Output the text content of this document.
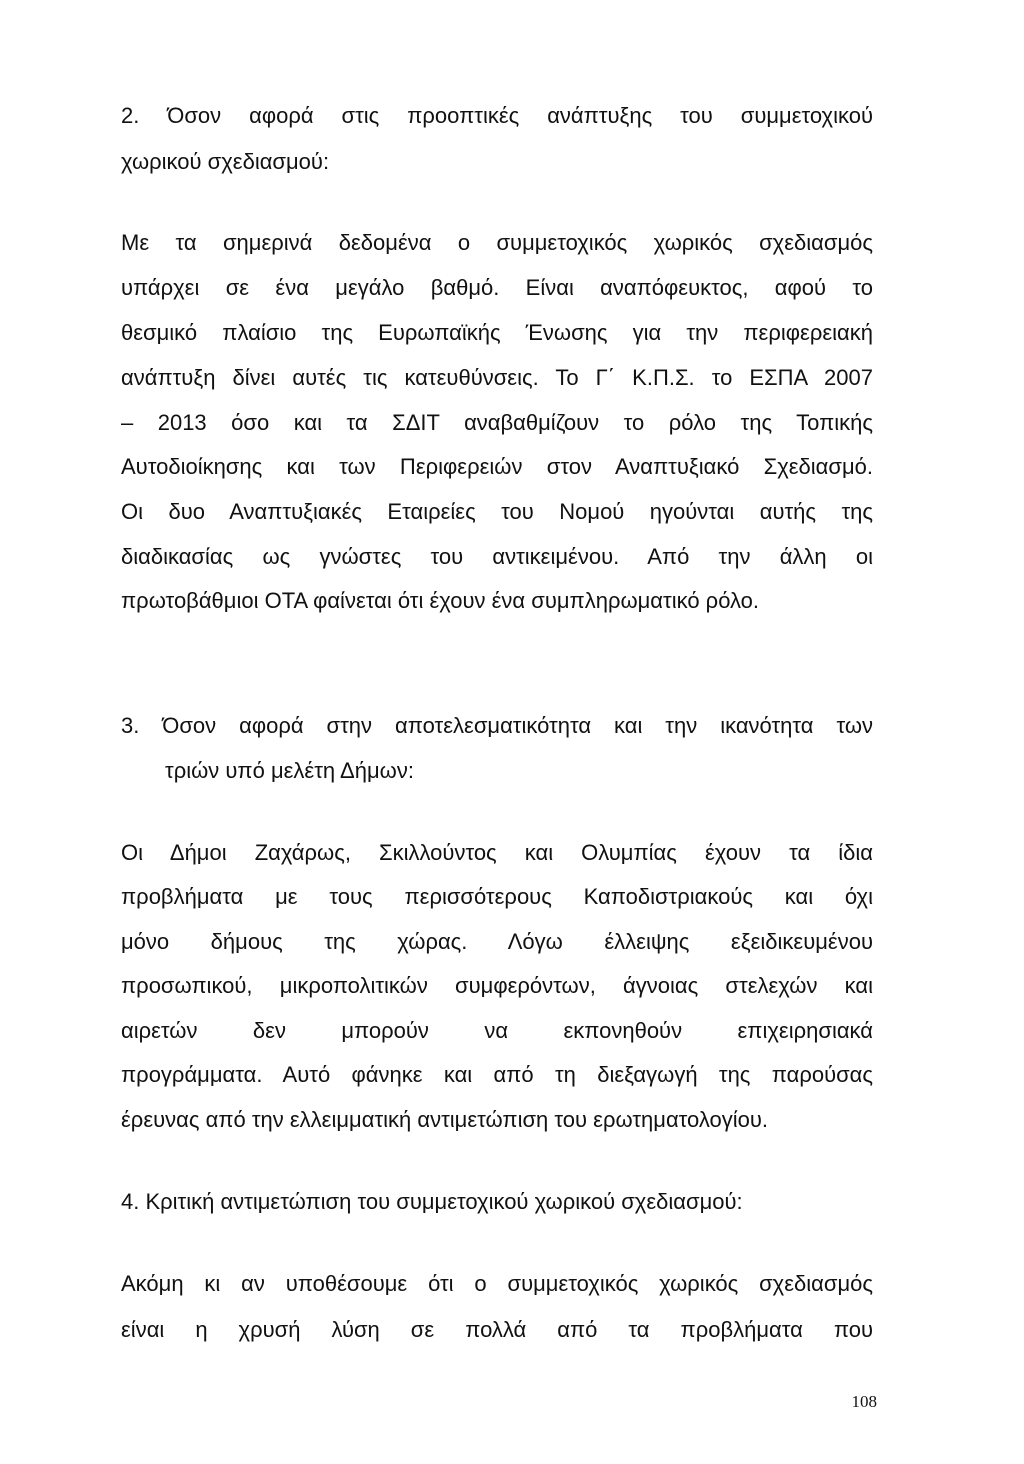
2. Όσον αφορά στις προοπτικές ανάπτυξης του συμμετοχικού

χωρικού σχεδιασμού:

Με τα σημερινά δεδομένα ο συμμετοχικός χωρικός σχεδιασμός

υπάρχει σε ένα μεγάλο βαθμό. Είναι αναπόφευκτος, αφού το

θεσμικό πλαίσιο της Ευρωπαϊκής Ένωσης για την περιφερειακή

ανάπτυξη δίνει αυτές τις κατευθύνσεις. Το Γ΄ Κ.Π.Σ. το ΕΣΠΑ 2007

– 2013 όσο και τα ΣΔΙΤ αναβαθμίζουν το ρόλο της Τοπικής

Αυτοδιοίκησης και των Περιφερειών στον Αναπτυξιακό Σχεδιασμό.

Οι δυο Αναπτυξιακές Εταιρείες του Νομού ηγούνται αυτής της

διαδικασίας ως γνώστες του αντικειμένου. Από την άλλη οι

πρωτοβάθμιοι ΟΤΑ φαίνεται ότι έχουν ένα συμπληρωματικό ρόλο.

3. Όσον αφορά στην αποτελεσματικότητα και την ικανότητα των

τριών υπό μελέτη Δήμων:

Οι Δήμοι Ζαχάρως, Σκιλλούντος και Ολυμπίας έχουν τα ίδια

προβλήματα με τους περισσότερους Καποδιστριακούς και όχι

μόνο δήμους της χώρας. Λόγω έλλειψης εξειδικευμένου

προσωπικού, μικροπολιτικών συμφερόντων, άγνοιας στελεχών και

αιρετών δεν μπορούν να εκπονηθούν επιχειρησιακά

προγράμματα. Αυτό φάνηκε και από τη διεξαγωγή της παρούσας

έρευνας από την ελλειμματική αντιμετώπιση του ερωτηματολογίου.

4. Κριτική αντιμετώπιση του συμμετοχικού χωρικού σχεδιασμού:

Ακόμη κι αν υποθέσουμε ότι ο συμμετοχικός χωρικός σχεδιασμός

είναι η χρυσή λύση σε πολλά από τα προβλήματα που

108
